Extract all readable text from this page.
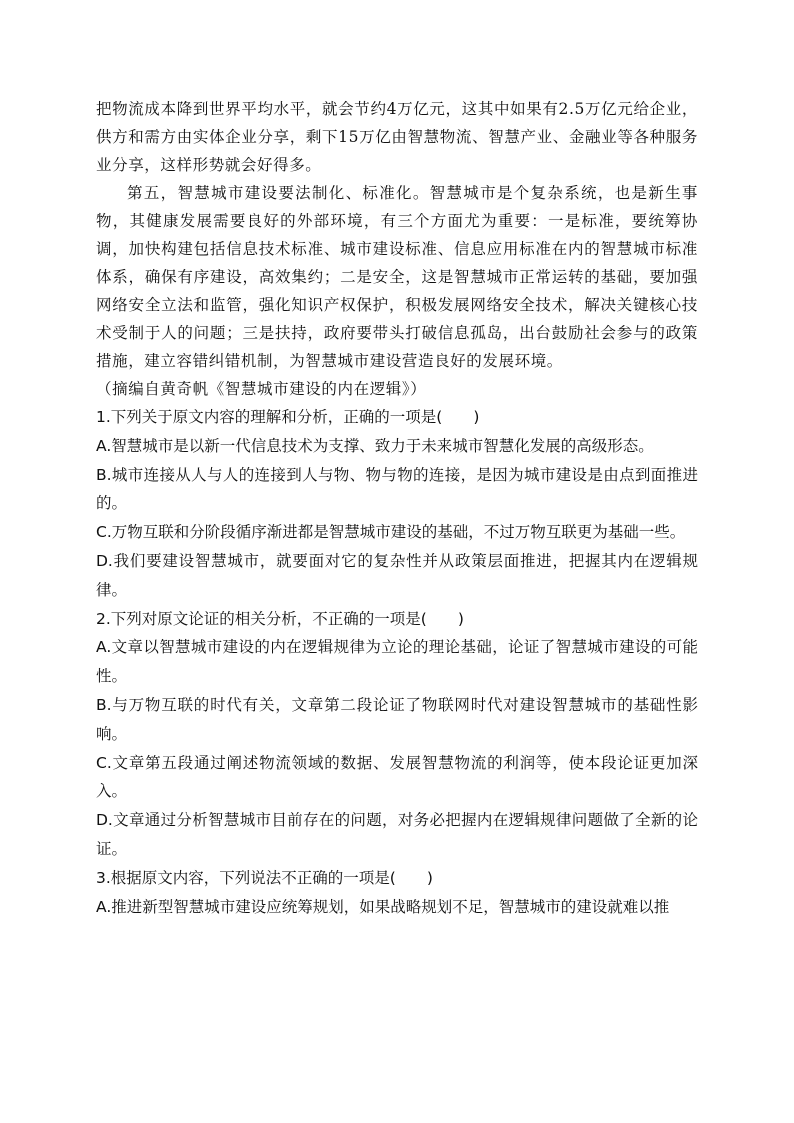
把物流成本降到世界平均水平，就会节约4万亿元，这其中如果有2.5万亿元给企业，供方和需方由实体企业分享，剩下15万亿由智慧物流、智慧产业、金融业等各种服务业分享，这样形势就会好得多。

第五，智慧城市建设要法制化、标准化。智慧城市是个复杂系统，也是新生事物，其健康发展需要良好的外部环境，有三个方面尤为重要：一是标准，要统筹协调，加快构建包括信息技术标准、城市建设标准、信息应用标准在内的智慧城市标准体系，确保有序建设，高效集约；二是安全，这是智慧城市正常运转的基础，要加强网络安全立法和监管，强化知识产权保护，积极发展网络安全技术，解决关键核心技术受制于人的问题；三是扶持，政府要带头打破信息孤岛，出台鼓励社会参与的政策措施，建立容错纠错机制，为智慧城市建设营造良好的发展环境。

（摘编自黄奇帆《智慧城市建设的内在逻辑》）

1.下列关于原文内容的理解和分析，正确的一项是(　　)

A.智慧城市是以新一代信息技术为支撑、致力于未来城市智慧化发展的高级形态。

B.城市连接从人与人的连接到人与物、物与物的连接，是因为城市建设是由点到面推进的。

C.万物互联和分阶段循序渐进都是智慧城市建设的基础，不过万物互联更为基础一些。

D.我们要建设智慧城市，就要面对它的复杂性并从政策层面推进，把握其内在逻辑规律。

2.下列对原文论证的相关分析，不正确的一项是(　　)

A.文章以智慧城市建设的内在逻辑规律为立论的理论基础，论证了智慧城市建设的可能性。

B.与万物互联的时代有关，文章第二段论证了物联网时代对建设智慧城市的基础性影响。

C.文章第五段通过阐述物流领域的数据、发展智慧物流的利润等，使本段论证更加深入。

D.文章通过分析智慧城市目前存在的问题，对务必把握内在逻辑规律问题做了全新的论证。

3.根据原文内容，下列说法不正确的一项是(　　)

A.推进新型智慧城市建设应统筹规划，如果战略规划不足，智慧城市的建设就难以推
